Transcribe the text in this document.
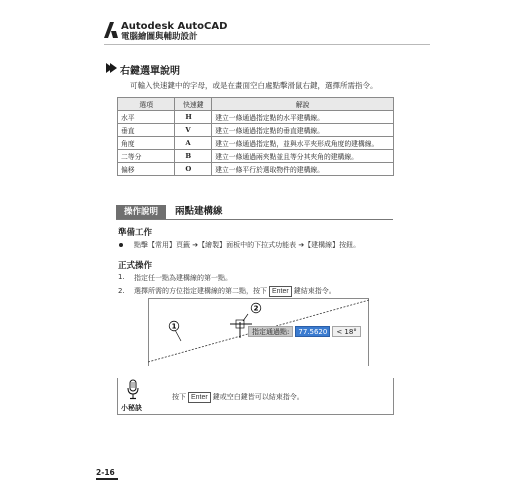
Autodesk AutoCAD
電腦繪圖與輔助設計
右鍵選單說明
可輸入快速鍵中的字母，或是在畫面空白處點擊滑鼠右鍵，選擇所需指令。
選項	快速鍵	解說
水平	H	建立一條通過指定點的水平建構線。
垂直	V	建立一條通過指定點的垂直建構線。
角度	A	建立一條通過指定點，並與水平夾形成角度的建構線。
二等分	B	建立一條通過兩夾點並且等分其夾角的建構線。
偏移	O	建立一條平行於選取物件的建構線。
操作說明	兩點建構線
準備工作
點擊【常用】頁籤 ➔【繪製】面板中的下拉式功能表 ➔【建構線】按鈕。
正式操作
1. 指定任一點為建構線的第一點。
2. 選擇所需的方位指定建構線的第二點，按下 Enter 鍵結束指令。
2
1
指定通過點:	77.5620	< 18°
小秘訣
按下 Enter 鍵或空白鍵皆可以結束指令。
2-16
